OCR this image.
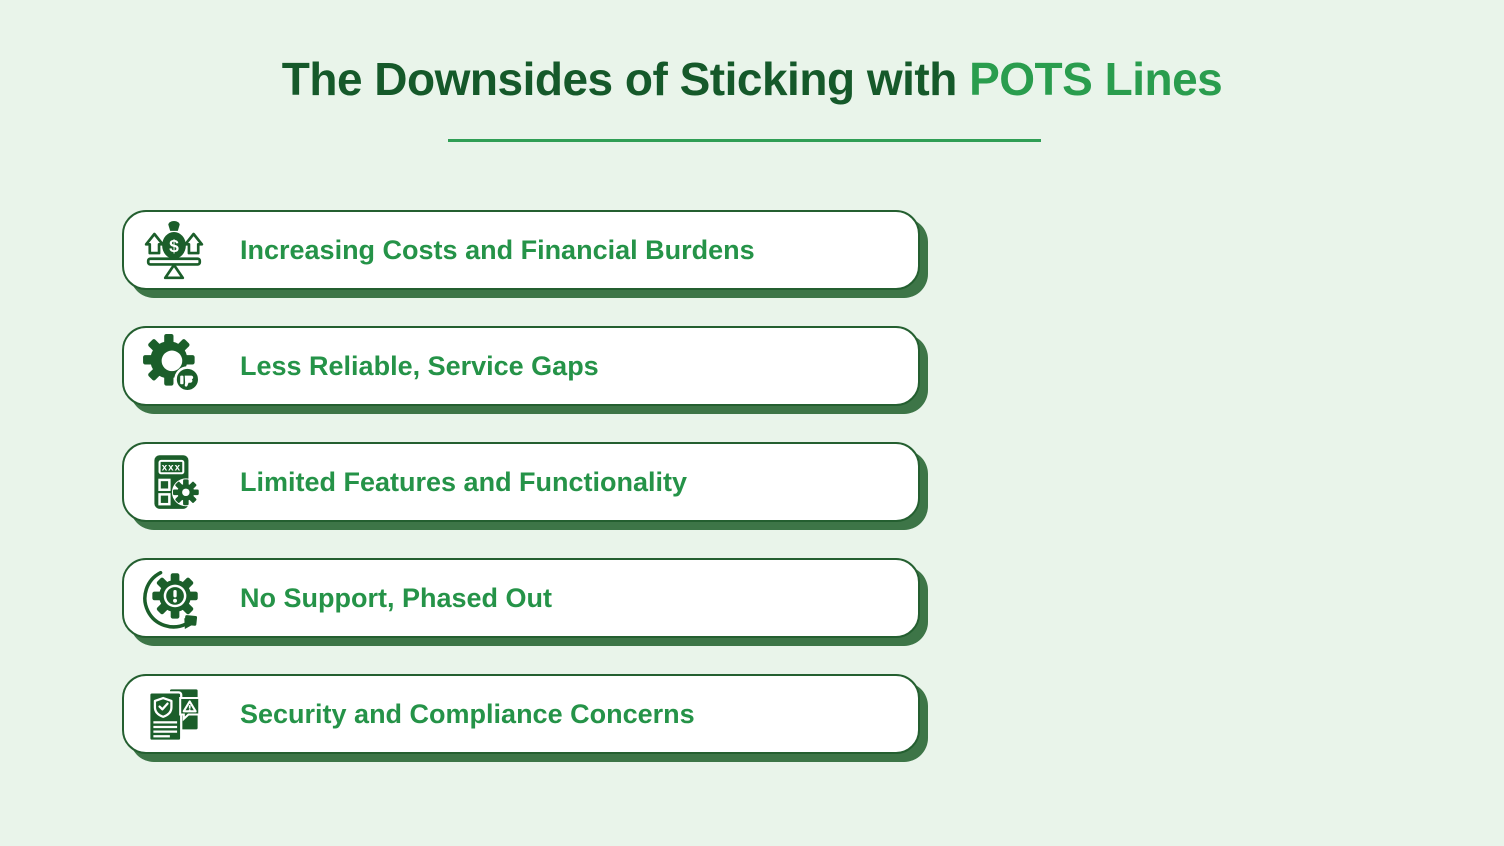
The Downsides of Sticking with POTS Lines
$ Increasing Costs and Financial Burdens
Less Reliable, Service Gaps
xxx Limited Features and Functionality
No Support, Phased Out
Security and Compliance Concerns
